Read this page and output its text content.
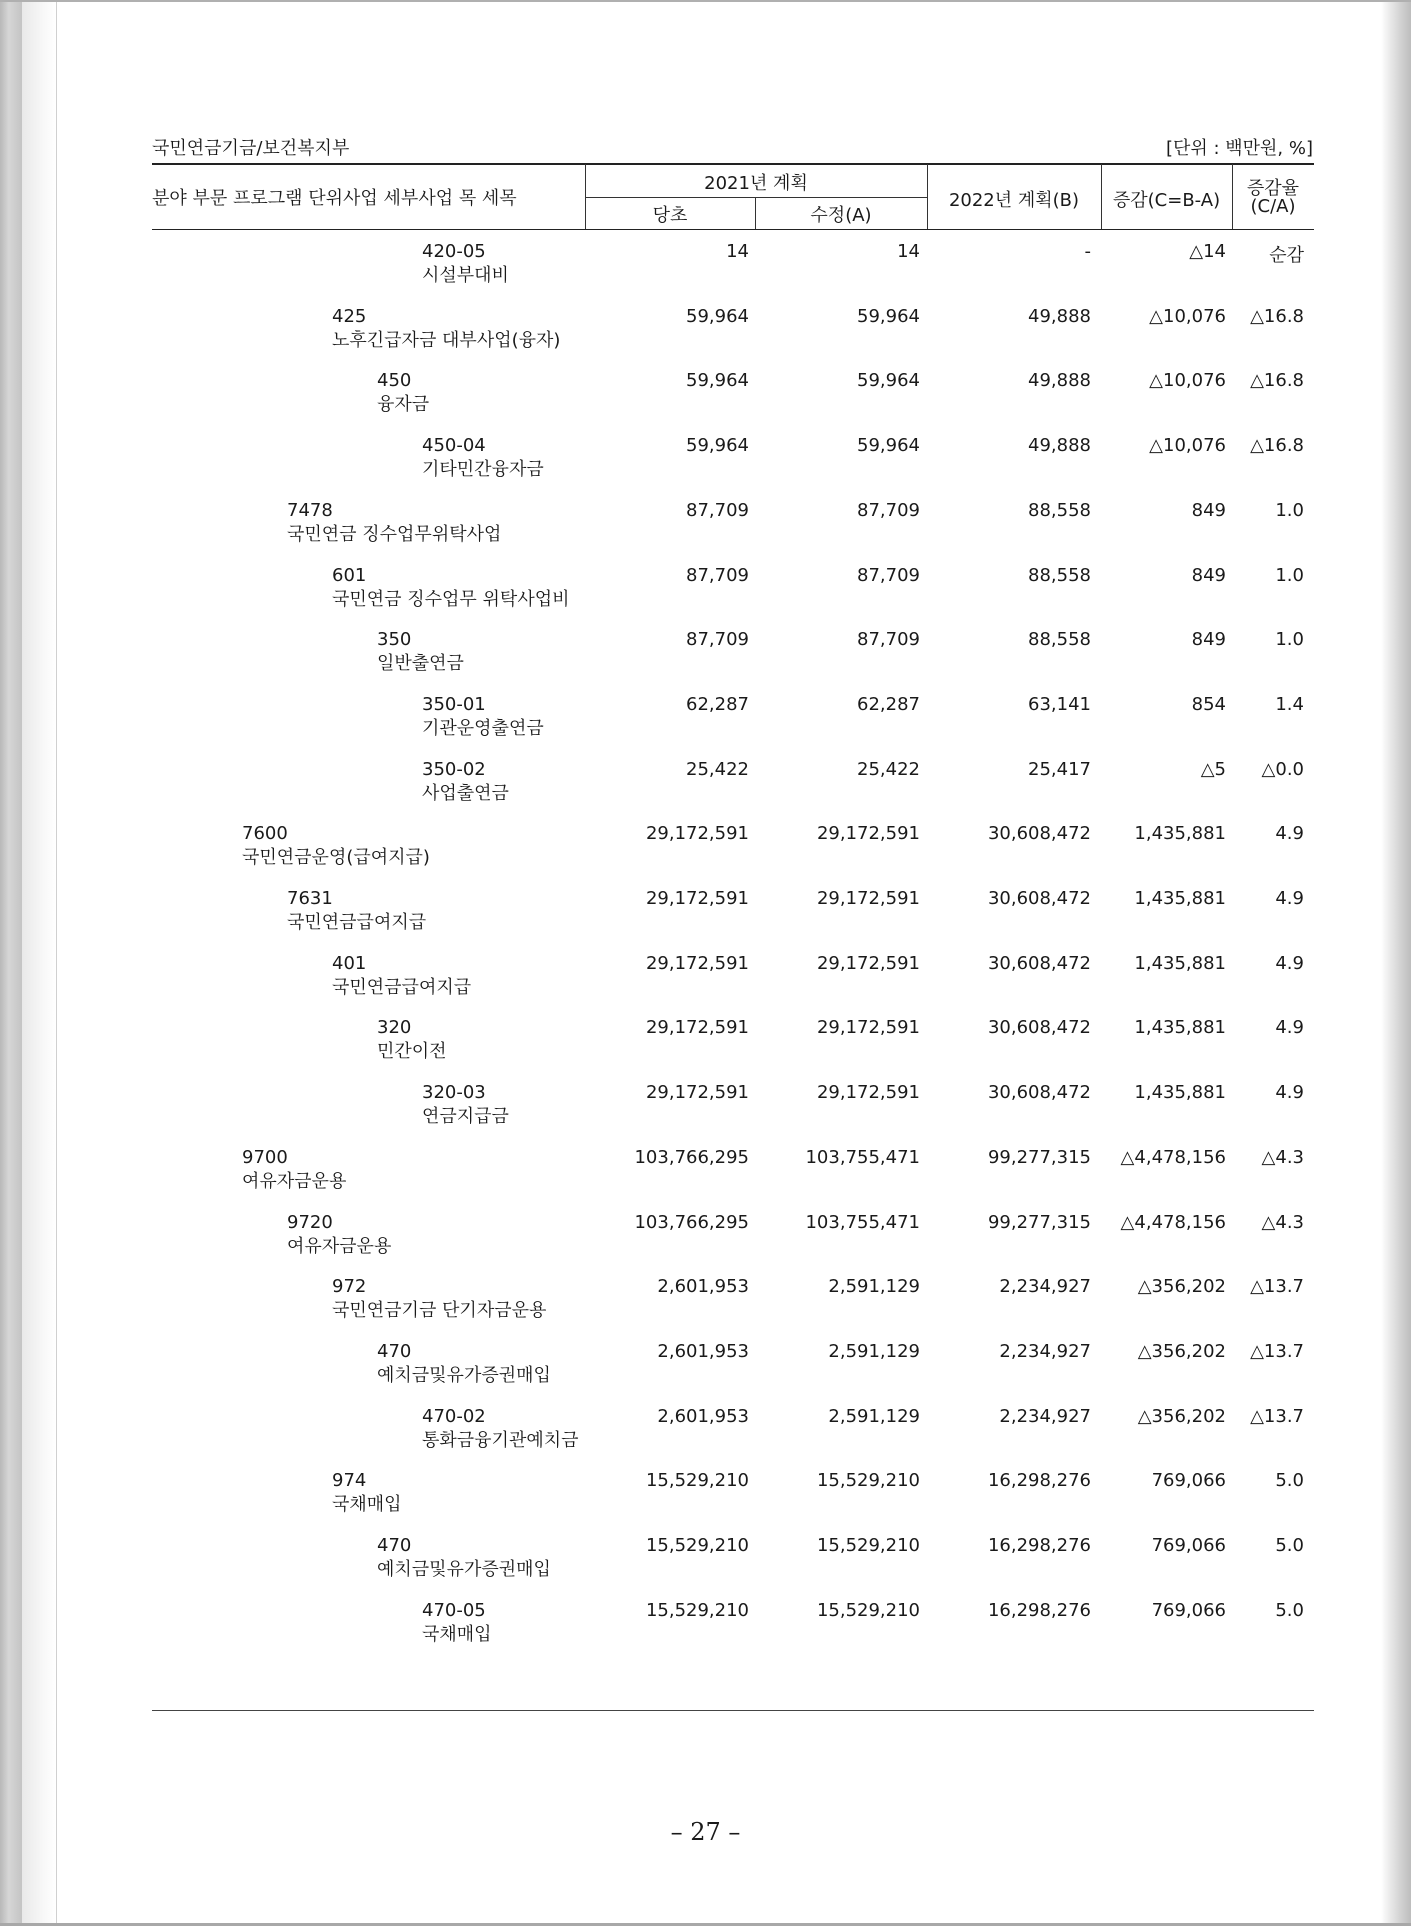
국민연금기금/보건복지부	[단위 : 백만원, %]
분야 부문 프로그램 단위사업 세부사업 목 세목
2021년 계획
당초	수정(A)
2022년 계획(B)	증감(C=B-A)
증감율
(C/A)
420-05
시설부대비
14	14	-	△14 순감
425
노후긴급자금 대부사업(융자)
59,964	59,964	49,888	△10,076 △16.8
450
융자금
59,964	59,964	49,888	△10,076 △16.8
450-04
기타민간융자금
59,964	59,964	49,888	△10,076 △16.8
7478
국민연금 징수업무위탁사업
87,709	87,709	88,558	849	1.0
601
국민연금 징수업무 위탁사업비
87,709	87,709	88,558	849	1.0
350
일반출연금
87,709	87,709	88,558	849	1.0
350-01
기관운영출연금
62,287	62,287	63,141	854	1.4
350-02
사업출연금
25,422	25,422	25,417	△5 △0.0
7600
국민연금운영(급여지급)
29,172,591	29,172,591	30,608,472 1,435,881	4.9
7631
국민연금급여지급
29,172,591	29,172,591	30,608,472 1,435,881	4.9
401
국민연금급여지급
29,172,591	29,172,591	30,608,472 1,435,881	4.9
320
민간이전
29,172,591	29,172,591	30,608,472 1,435,881	4.9
320-03
연금지급금
29,172,591	29,172,591	30,608,472 1,435,881	4.9
9700
여유자금운용
103,766,295	103,755,471	99,277,315 △4,478,156 △4.3
9720
여유자금운용
103,766,295	103,755,471	99,277,315 △4,478,156 △4.3
972
국민연금기금 단기자금운용
2,601,953	2,591,129	2,234,927	△356,202 △13.7
470
예치금및유가증권매입
2,601,953	2,591,129	2,234,927	△356,202 △13.7
470-02
통화금융기관예치금
2,601,953	2,591,129	2,234,927	△356,202 △13.7
974
국채매입
15,529,210	15,529,210	16,298,276	769,066	5.0
470
예치금및유가증권매입
15,529,210	15,529,210	16,298,276	769,066	5.0
470-05
국채매입
15,529,210	15,529,210	16,298,276	769,066	5.0
– 27 –
